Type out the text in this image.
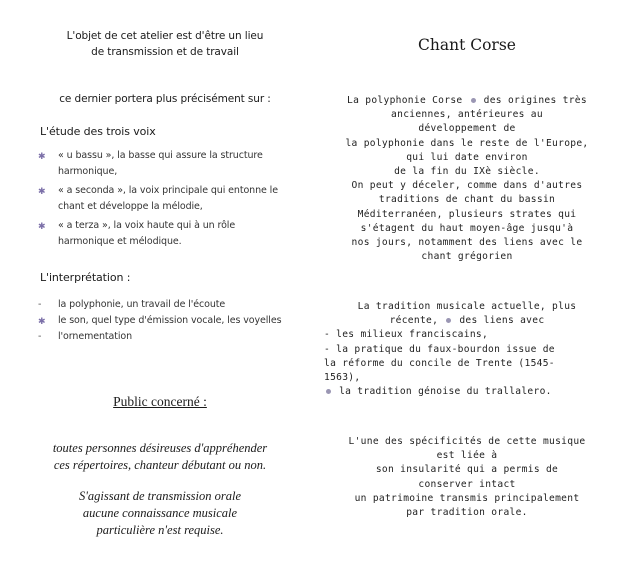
L'objet de cet atelier est d'être un lieu
de transmission et de travail
ce dernier portera plus précisément sur :
L'étude des trois voix
✱ « u bassu », la basse qui assure la structure
harmonique,
✱ « a seconda », la voix principale qui entonne le
chant et développe la mélodie,
✱ « a terza », la voix haute qui à un rôle
harmonique et mélodique.
L'interprétation :
- la polyphonie, un travail de l'écoute
✱ le son, quel type d'émission vocale, les voyelles
- l'ornementation
Public concerné :
toutes personnes désireuses d'appréhender
ces répertoires, chanteur débutant ou non.
S'agissant de transmission orale
aucune connaissance musicale
particulière n'est requise.
Chant Corse
La polyphonie Corse des origines très
anciennes, antérieures au
développement de
la polyphonie dans le reste de l'Europe,
qui lui date environ
de la fin du IXè siècle.
On peut y déceler, comme dans d'autres
traditions de chant du bassin
Méditerranéen, plusieurs strates qui
s'étagent du haut moyen-âge jusqu'à
nos jours, notamment des liens avec le
chant grégorien
La tradition musicale actuelle, plus
récente, des liens avec
- les milieux franciscains,
- la pratique du faux-bourdon issue de
la réforme du concile de Trente (1545-
1563),
la tradition génoise du trallalero.
L'une des spécificités de cette musique
est liée à
son insularité qui a permis de
conserver intact
un patrimoine transmis principalement
par tradition orale.
